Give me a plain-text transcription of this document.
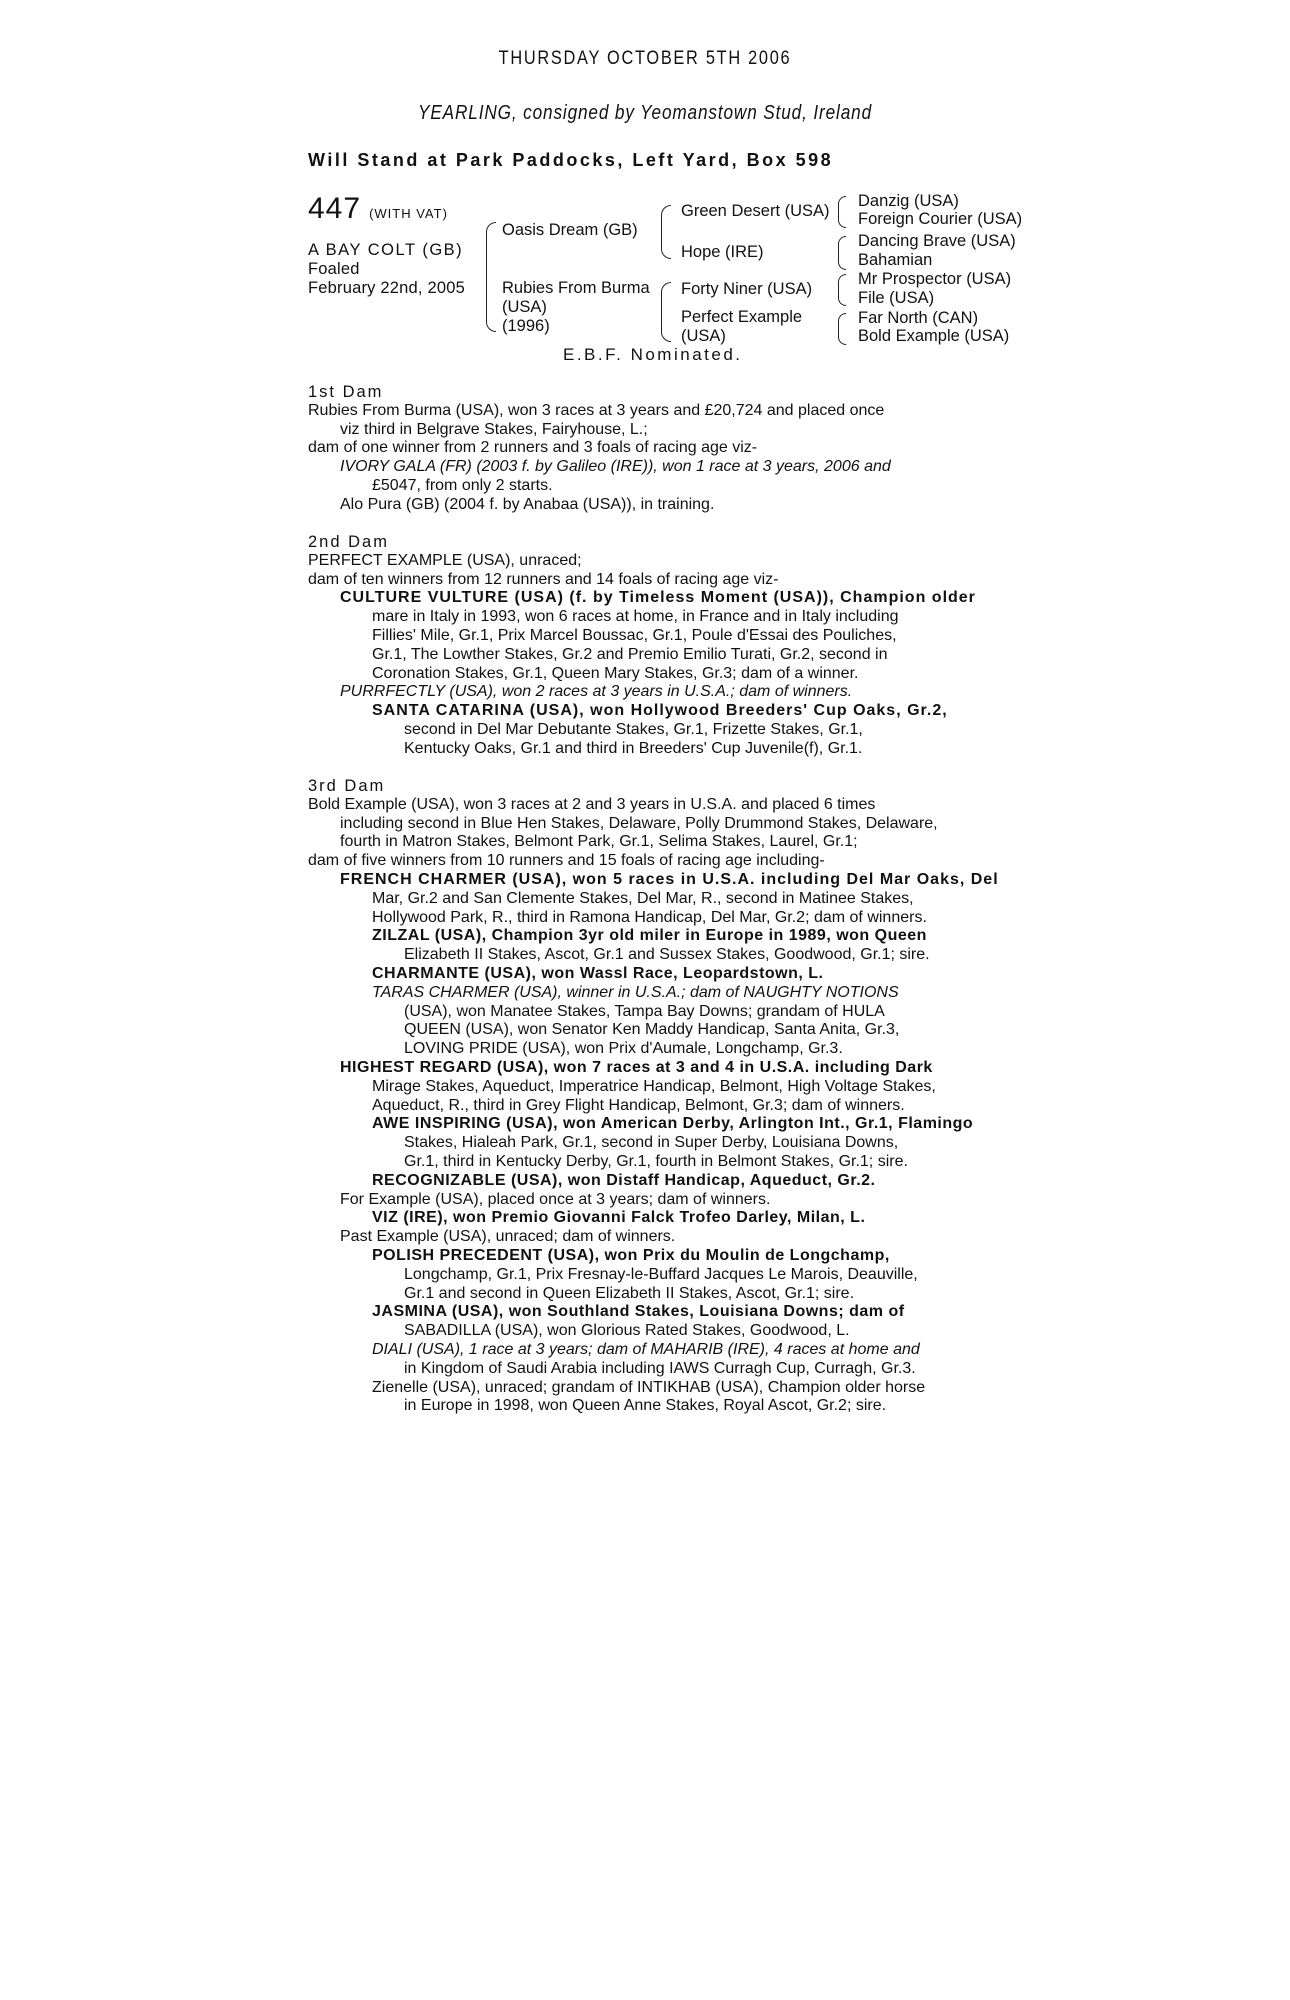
THURSDAY OCTOBER 5TH 2006
YEARLING, consigned by Yeomanstown Stud, Ireland
Will Stand at Park Paddocks, Left Yard, Box 598
447 (WITH VAT)
A BAY COLT (GB)
Foaled
February 22nd, 2005
Oasis Dream (GB)
Rubies From Burma
(USA)
(1996)
Green Desert (USA)
Hope (IRE)
Forty Niner (USA)
Perfect Example
(USA)
Danzig (USA)
Foreign Courier (USA)
Dancing Brave (USA)
Bahamian
Mr Prospector (USA)
File (USA)
Far North (CAN)
Bold Example (USA)
E.B.F. Nominated.
1st Dam
Rubies From Burma (USA), won 3 races at 3 years and £20,724 and placed once
viz third in Belgrave Stakes, Fairyhouse, L.;
dam of one winner from 2 runners and 3 foals of racing age viz-
IVORY GALA (FR) (2003 f. by Galileo (IRE)), won 1 race at 3 years, 2006 and
£5047, from only 2 starts.
Alo Pura (GB) (2004 f. by Anabaa (USA)), in training.
2nd Dam
PERFECT EXAMPLE (USA), unraced;
dam of ten winners from 12 runners and 14 foals of racing age viz-
CULTURE VULTURE (USA) (f. by Timeless Moment (USA)), Champion older
mare in Italy in 1993, won 6 races at home, in France and in Italy including
Fillies' Mile, Gr.1, Prix Marcel Boussac, Gr.1, Poule d'Essai des Pouliches,
Gr.1, The Lowther Stakes, Gr.2 and Premio Emilio Turati, Gr.2, second in
Coronation Stakes, Gr.1, Queen Mary Stakes, Gr.3; dam of a winner.
PURRFECTLY (USA), won 2 races at 3 years in U.S.A.; dam of winners.
SANTA CATARINA (USA), won Hollywood Breeders' Cup Oaks, Gr.2,
second in Del Mar Debutante Stakes, Gr.1, Frizette Stakes, Gr.1,
Kentucky Oaks, Gr.1 and third in Breeders' Cup Juvenile(f), Gr.1.
3rd Dam
Bold Example (USA), won 3 races at 2 and 3 years in U.S.A. and placed 6 times
including second in Blue Hen Stakes, Delaware, Polly Drummond Stakes, Delaware,
fourth in Matron Stakes, Belmont Park, Gr.1, Selima Stakes, Laurel, Gr.1;
dam of five winners from 10 runners and 15 foals of racing age including-
FRENCH CHARMER (USA), won 5 races in U.S.A. including Del Mar Oaks, Del
Mar, Gr.2 and San Clemente Stakes, Del Mar, R., second in Matinee Stakes,
Hollywood Park, R., third in Ramona Handicap, Del Mar, Gr.2; dam of winners.
ZILZAL (USA), Champion 3yr old miler in Europe in 1989, won Queen
Elizabeth II Stakes, Ascot, Gr.1 and Sussex Stakes, Goodwood, Gr.1; sire.
CHARMANTE (USA), won Wassl Race, Leopardstown, L.
TARAS CHARMER (USA), winner in U.S.A.; dam of NAUGHTY NOTIONS
(USA), won Manatee Stakes, Tampa Bay Downs; grandam of HULA
QUEEN (USA), won Senator Ken Maddy Handicap, Santa Anita, Gr.3,
LOVING PRIDE (USA), won Prix d'Aumale, Longchamp, Gr.3.
HIGHEST REGARD (USA), won 7 races at 3 and 4 in U.S.A. including Dark
Mirage Stakes, Aqueduct, Imperatrice Handicap, Belmont, High Voltage Stakes,
Aqueduct, R., third in Grey Flight Handicap, Belmont, Gr.3; dam of winners.
AWE INSPIRING (USA), won American Derby, Arlington Int., Gr.1, Flamingo
Stakes, Hialeah Park, Gr.1, second in Super Derby, Louisiana Downs,
Gr.1, third in Kentucky Derby, Gr.1, fourth in Belmont Stakes, Gr.1; sire.
RECOGNIZABLE (USA), won Distaff Handicap, Aqueduct, Gr.2.
For Example (USA), placed once at 3 years; dam of winners.
VIZ (IRE), won Premio Giovanni Falck Trofeo Darley, Milan, L.
Past Example (USA), unraced; dam of winners.
POLISH PRECEDENT (USA), won Prix du Moulin de Longchamp,
Longchamp, Gr.1, Prix Fresnay-le-Buffard Jacques Le Marois, Deauville,
Gr.1 and second in Queen Elizabeth II Stakes, Ascot, Gr.1; sire.
JASMINA (USA), won Southland Stakes, Louisiana Downs; dam of
SABADILLA (USA), won Glorious Rated Stakes, Goodwood, L.
DIALI (USA), 1 race at 3 years; dam of MAHARIB (IRE), 4 races at home and
in Kingdom of Saudi Arabia including IAWS Curragh Cup, Curragh, Gr.3.
Zienelle (USA), unraced; grandam of INTIKHAB (USA), Champion older horse
in Europe in 1998, won Queen Anne Stakes, Royal Ascot, Gr.2; sire.
